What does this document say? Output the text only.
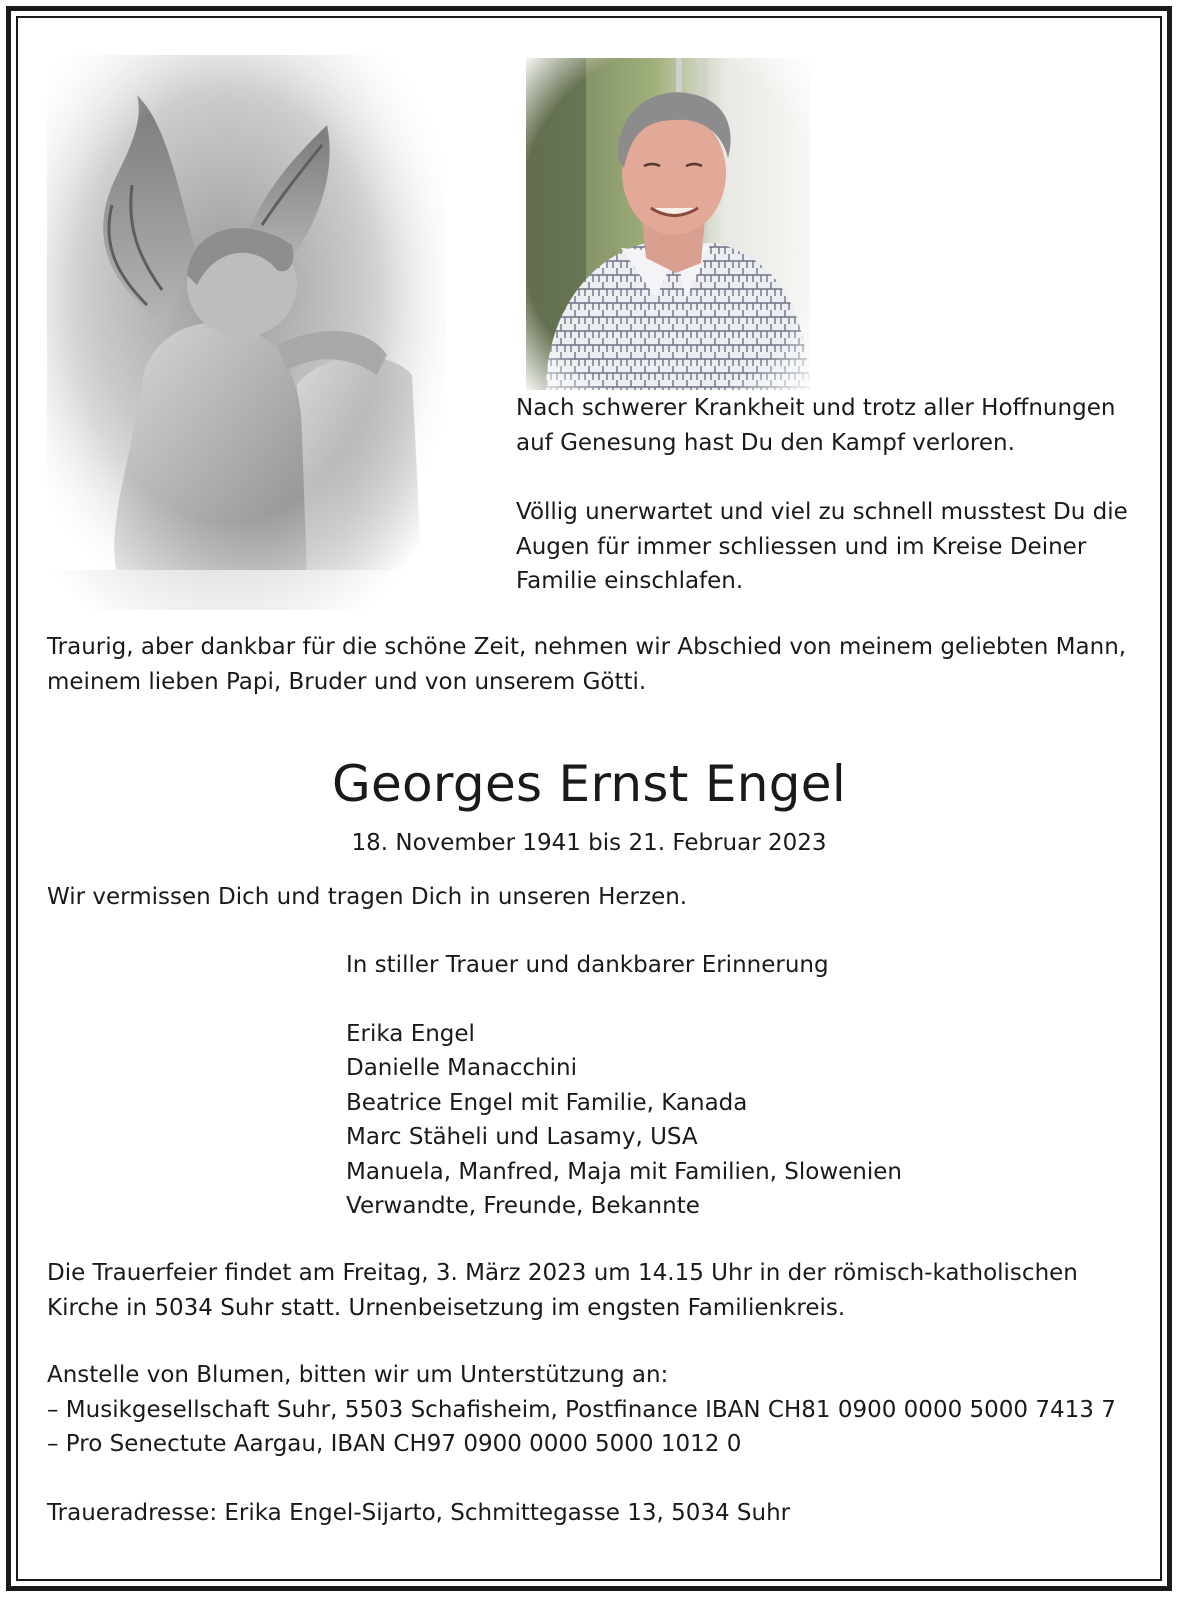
Nach schwerer Krankheit und trotz aller Hoffnungen
auf Genesung hast Du den Kampf verloren.
Völlig unerwartet und viel zu schnell musstest Du die
Augen für immer schliessen und im Kreise Deiner
Familie einschlafen.
Traurig, aber dankbar für die schöne Zeit, nehmen wir Abschied von meinem geliebten Mann,
meinem lieben Papi, Bruder und von unserem Götti.
Georges Ernst Engel
18. November 1941 bis 21. Februar 2023
Wir vermissen Dich und tragen Dich in unseren Herzen.
In stiller Trauer und dankbarer Erinnerung
Erika Engel
Danielle Manacchini
Beatrice Engel mit Familie, Kanada
Marc Stäheli und Lasamy, USA
Manuela, Manfred, Maja mit Familien, Slowenien
Verwandte, Freunde, Bekannte
Die Trauerfeier findet am Freitag, 3. März 2023 um 14.15 Uhr in der römisch-katholischen
Kirche in 5034 Suhr statt. Urnenbeisetzung im engsten Familienkreis.
Anstelle von Blumen, bitten wir um Unterstützung an:
– Musikgesellschaft Suhr, 5503 Schafisheim, Postfinance IBAN CH81 0900 0000 5000 7413 7
– Pro Senectute Aargau, IBAN CH97 0900 0000 5000 1012 0
Traueradresse: Erika Engel-Sijarto, Schmittegasse 13, 5034 Suhr
